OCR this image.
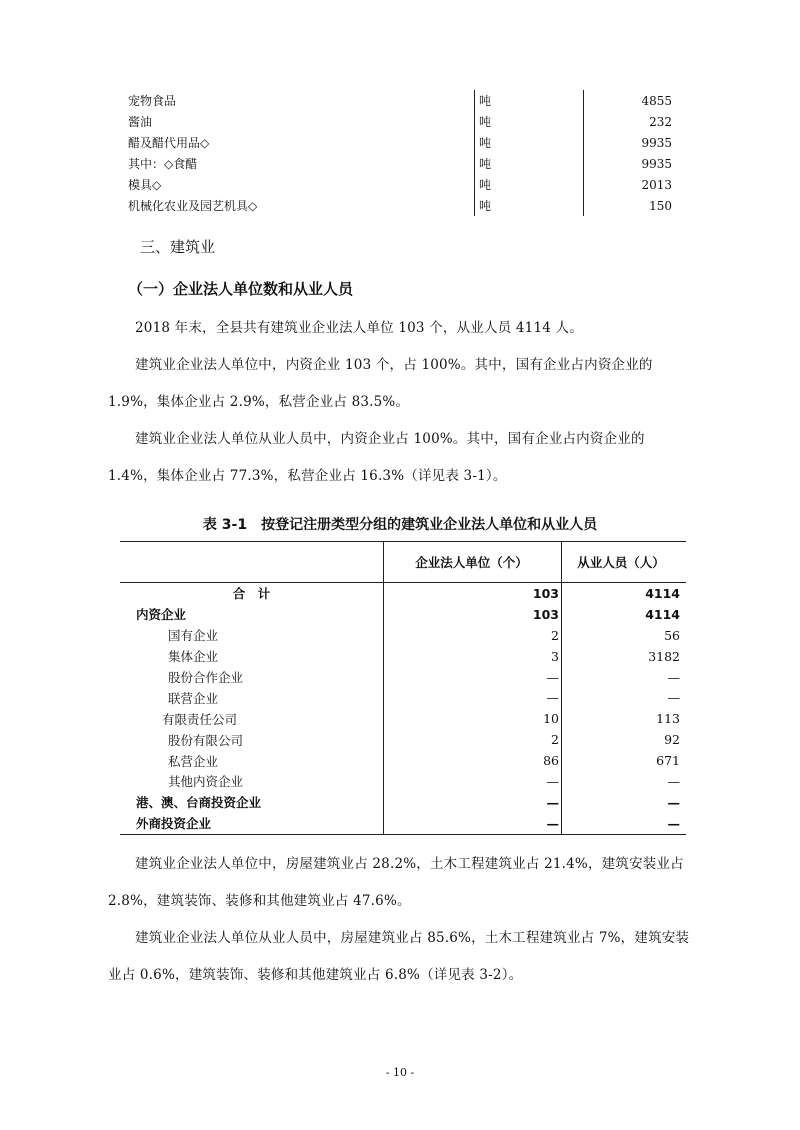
宠物食品	吨	4855
酱油	吨	232
醋及醋代用品◇	吨	9935
其中：◇食醋	吨	9935
模具◇	吨	2013
机械化农业及园艺机具◇	吨	150
三、建筑业
（一）企业法人单位数和从业人员

2018 年末，全县共有建筑业企业法人单位 103 个，从业人员 4114 人。

建筑业企业法人单位中，内资企业 103 个，占 100%。其中，国有企业占内资企业的 1.9%，集体企业占 2.9%，私营企业占 83.5%。

建筑业企业法人单位从业人员中，内资企业占 100%。其中，国有企业占内资企业的 1.4%，集体企业占 77.3%，私营企业占 16.3%（详见表 3-1）。

表 3-1　按登记注册类型分组的建筑业企业法人单位和从业人员
	企业法人单位（个）	从业人员（人）
合　计	103	4114
内资企业	103	4114
国有企业	2	56
集体企业	3	3182
股份合作企业	—	—
联营企业	—	—
有限责任公司	10	113
股份有限公司	2	92
私营企业	86	671
其他内资企业	—	—
港、澳、台商投资企业	—	—
外商投资企业	—	—

建筑业企业法人单位中，房屋建筑业占 28.2%，土木工程建筑业占 21.4%，建筑安装业占 2.8%，建筑装饰、装修和其他建筑业占 47.6%。

建筑业企业法人单位从业人员中，房屋建筑业占 85.6%，土木工程建筑业占 7%，建筑安装业占 0.6%，建筑装饰、装修和其他建筑业占 6.8%（详见表 3-2）。

- 10 -
